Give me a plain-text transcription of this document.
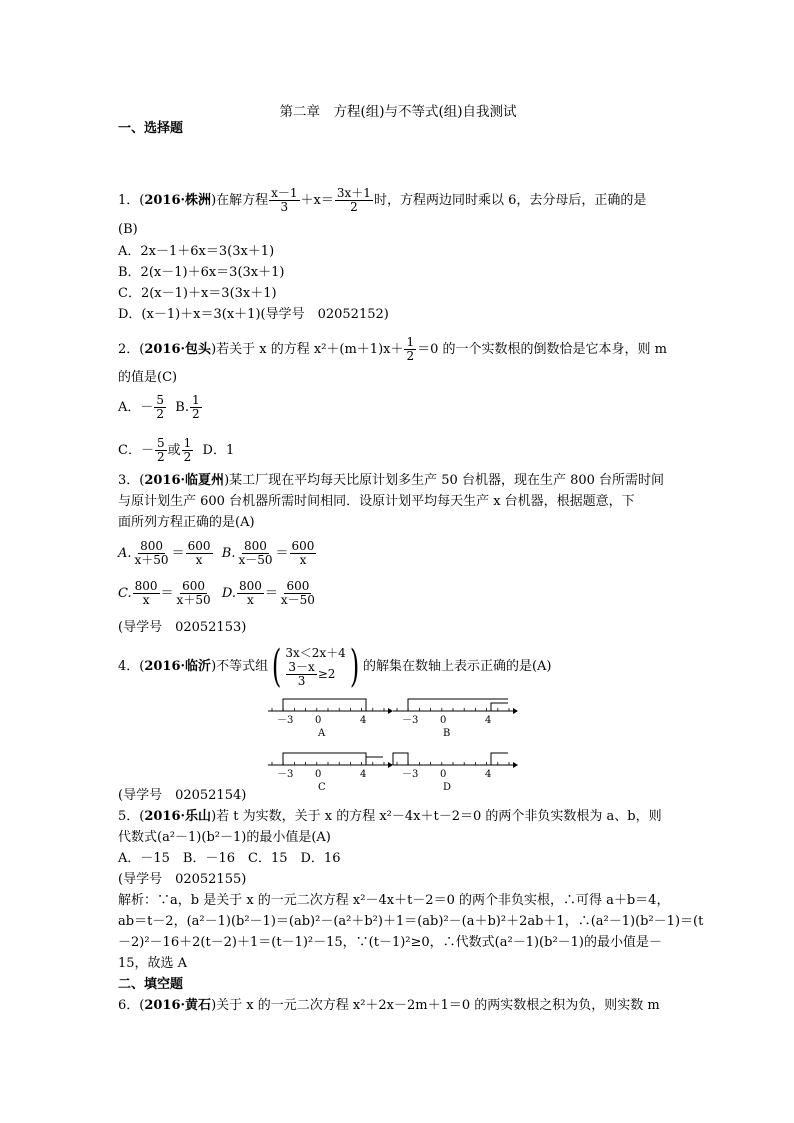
第二章　方程(组)与不等式(组)自我测试
一、选择题
1．(2016·株洲)在解方程 $\frac{x-1}{3} +x= \frac{3x+1}{2}$ 时，方程两边同时乘以 6，去分母后，正确的是
(B)
A．2x－1＋6x＝3(3x＋1)
B．2(x－1)＋6x＝3(3x＋1)
C．2(x－1)＋x＝3(3x＋1)
D．(x－1)＋x＝3(x＋1)(导学号　02052152)
2．(2016·包头)若关于 x 的方程 $x^2+(m+1)x+ \frac{1}{2} =0$ 的一个实数根的倒数恰是它本身，则 m
的值是(C)
A．－ $\frac{5}{2} B$. $\frac{1}{2}$
C．－ $\frac{5}{2}$ 或 $\frac{1}{2}$ D．1
3．(2016·临夏州)某工厂现在平均每天比原计划多生产 50 台机器，现在生产 800 台所需时间
与原计划生产 600 台机器所需时间相同．设原计划平均每天生产 x 台机器，根据题意，下
面所列方程正确的是(A)
A. $\frac{800}{x+50} = \frac{600}{x} B$. $\frac{800}{x-50} = \frac{600}{x}$
C. $\frac{800}{x} = \frac{600}{x+50} D$. $\frac{800}{x} = \frac{600}{x-50}$
(导学号　02052153)
4．(2016·临沂)不等式组 ( 3x＜2x＋4
$\frac{3-x}{3} \ge 2$ ) 的解集在数轴上表示正确的是(A)
－3 0	4
A
－3 0	4
B
－3 0	4
C
－3 0	4
D
(导学号　02052154)
5．(2016·乐山)若 t 为实数，关于 x 的方程 x²－4x＋t－2＝0 的两个非负实数根为 a、b，则
代数式(a²－1)(b²－1)的最小值是(A)
A．－15　B．－16　C．15　D．16
(导学号　02052155)
解析：∵a，b 是关于 x 的一元二次方程 x²－4x＋t－2＝0 的两个非负实根，∴可得 a＋b＝4，
ab＝t－2，(a²－1)(b²－1)＝(ab)²－(a²＋b²)＋1＝(ab)²－(a＋b)²＋2ab＋1，∴(a²－1)(b²－1)＝(t
－2)²－16＋2(t－2)＋1＝(t－1)²－15，∵(t－1)²≥0，∴代数式(a²－1)(b²－1)的最小值是－
15，故选 A
二、填空题
6．(2016·黄石)关于 x 的一元二次方程 x²＋2x－2m＋1＝0 的两实数根之积为负，则实数 m
